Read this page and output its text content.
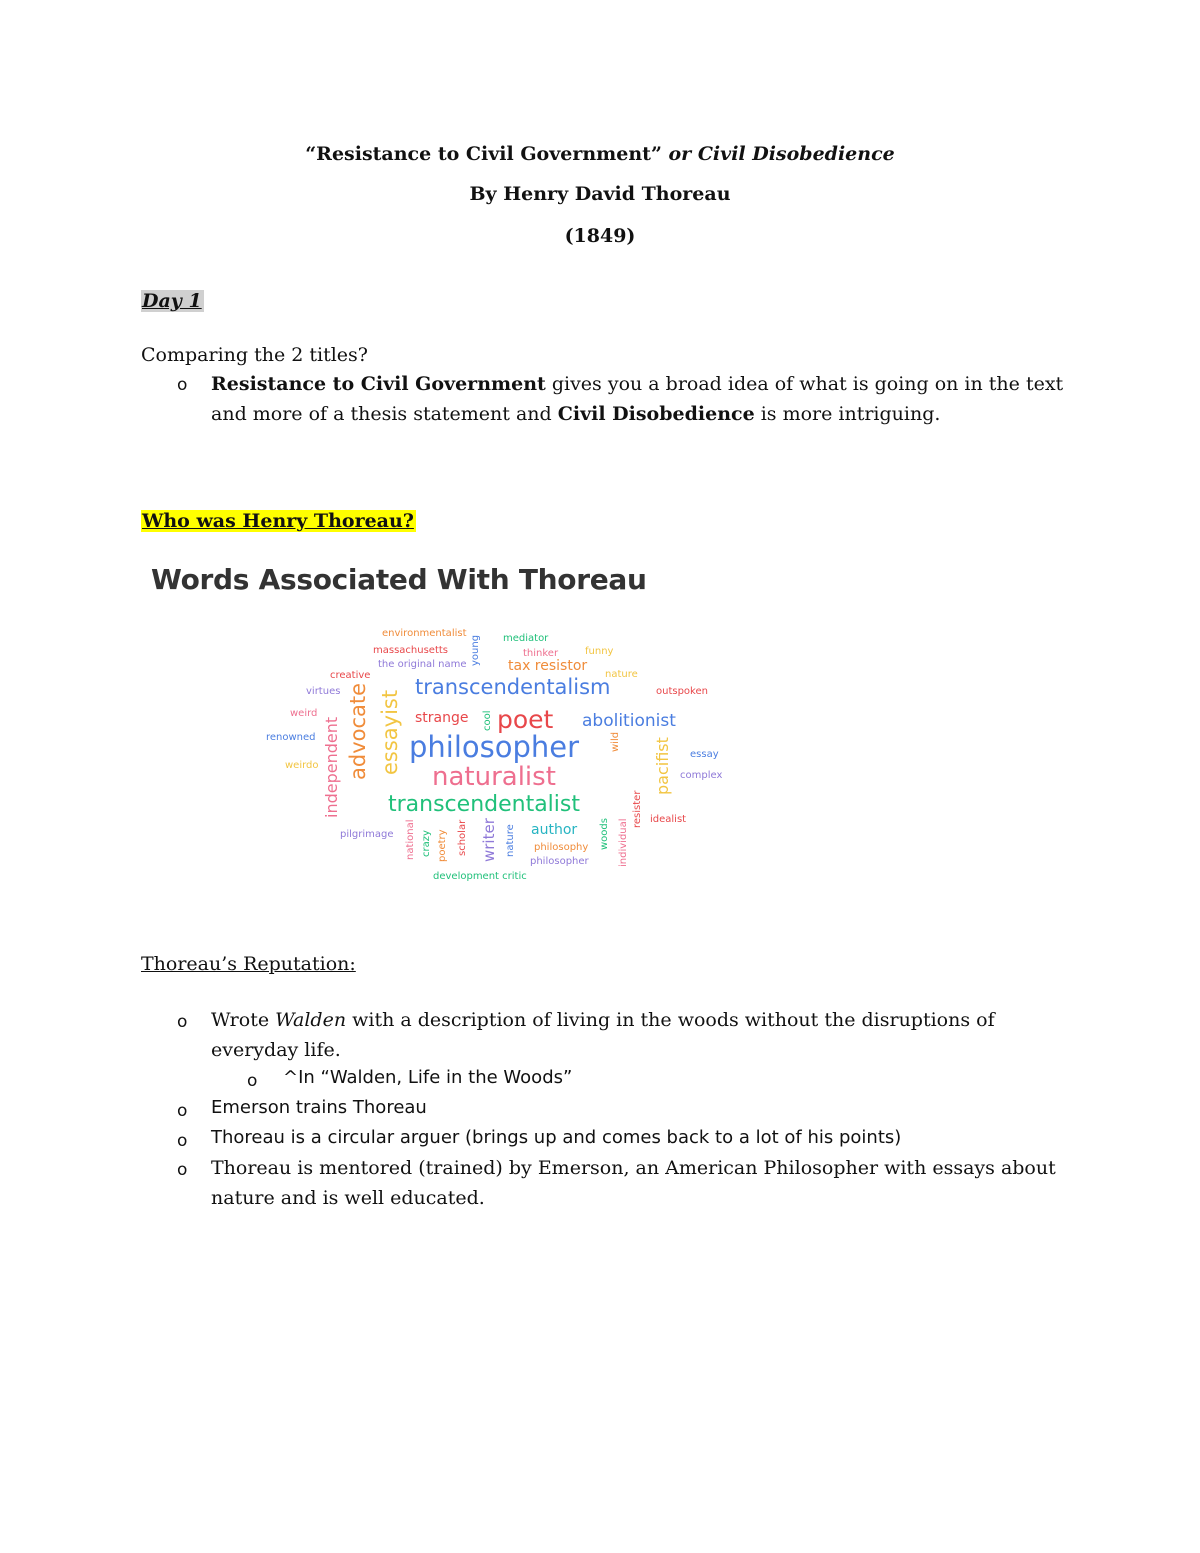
“Resistance to Civil Government” or Civil Disobedience
By Henry David Thoreau
(1849)
Day 1
Comparing the 2 titles?
o Resistance to Civil Government gives you a broad idea of what is going on in the text
and more of a thesis statement and Civil Disobedience is more intriguing.
Who was Henry Thoreau?
Words Associated With Thoreau
environmentalist
massachusetts
the original name young mediator
thinker	funny
tax resistor
nature
creative
virtues	outspoken
essayist
advocate transcendentalism
strange cool poet abolitionist
weird
renowned independent philosopher	wild pacifist essay
weirdo	naturalist	complex
transcendentalist	resister idealist
pilgrimage national crazy poetry scholar writer nature author
philosophy
philosopher
woods individual
development critic
Thoreau’s Reputation:
o Wrote Walden with a description of living in the woods without the disruptions of
everyday life.
o ^In “Walden, Life in the Woods”
o Emerson trains Thoreau
o Thoreau is a circular arguer (brings up and comes back to a lot of his points)
o Thoreau is mentored (trained) by Emerson, an American Philosopher with essays about
nature and is well educated.
